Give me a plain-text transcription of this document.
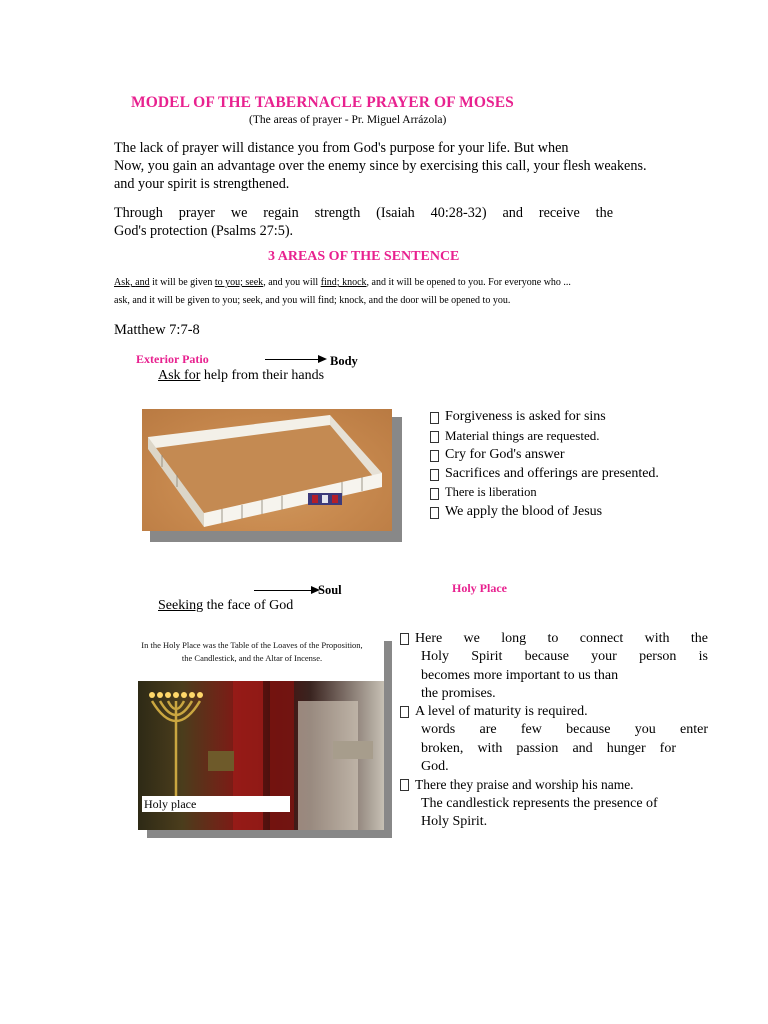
MODEL OF THE TABERNACLE PRAYER OF MOSES
(The areas of prayer - Pr. Miguel Arrázola)
The lack of prayer will distance you from God's purpose for your life. But when
Now, you gain an advantage over the enemy since by exercising this call, your flesh weakens.
and your spirit is strengthened.
Through prayer we regain strength (Isaiah 40:28-32) and receive the
God's protection (Psalms 27:5).
3 AREAS OF THE SENTENCE
Ask, and it will be given to you; seek, and you will find; knock, and it will be opened to you. For everyone who ...
ask, and it will be given to you; seek, and you will find; knock, and the door will be opened to you.
Matthew 7:7-8
Exterior Patio	Body
Ask for help from their hands
Forgiveness is asked for sins
Material things are requested.
Cry for God's answer
Sacrifices and offerings are presented.
There is liberation
We apply the blood of Jesus
Soul	Holy Place
Seeking the face of God
In the Holy Place was the Table of the Loaves of the Proposition, the Candlestick, and the Altar of Incense.
Holy place
Here we long to connect with the
Holy Spirit because your person is
becomes more important to us than
the promises.
A level of maturity is required.
words are few because you enter
broken, with passion and hunger for
God.
There they praise and worship his name.
The candlestick represents the presence of
Holy Spirit.
